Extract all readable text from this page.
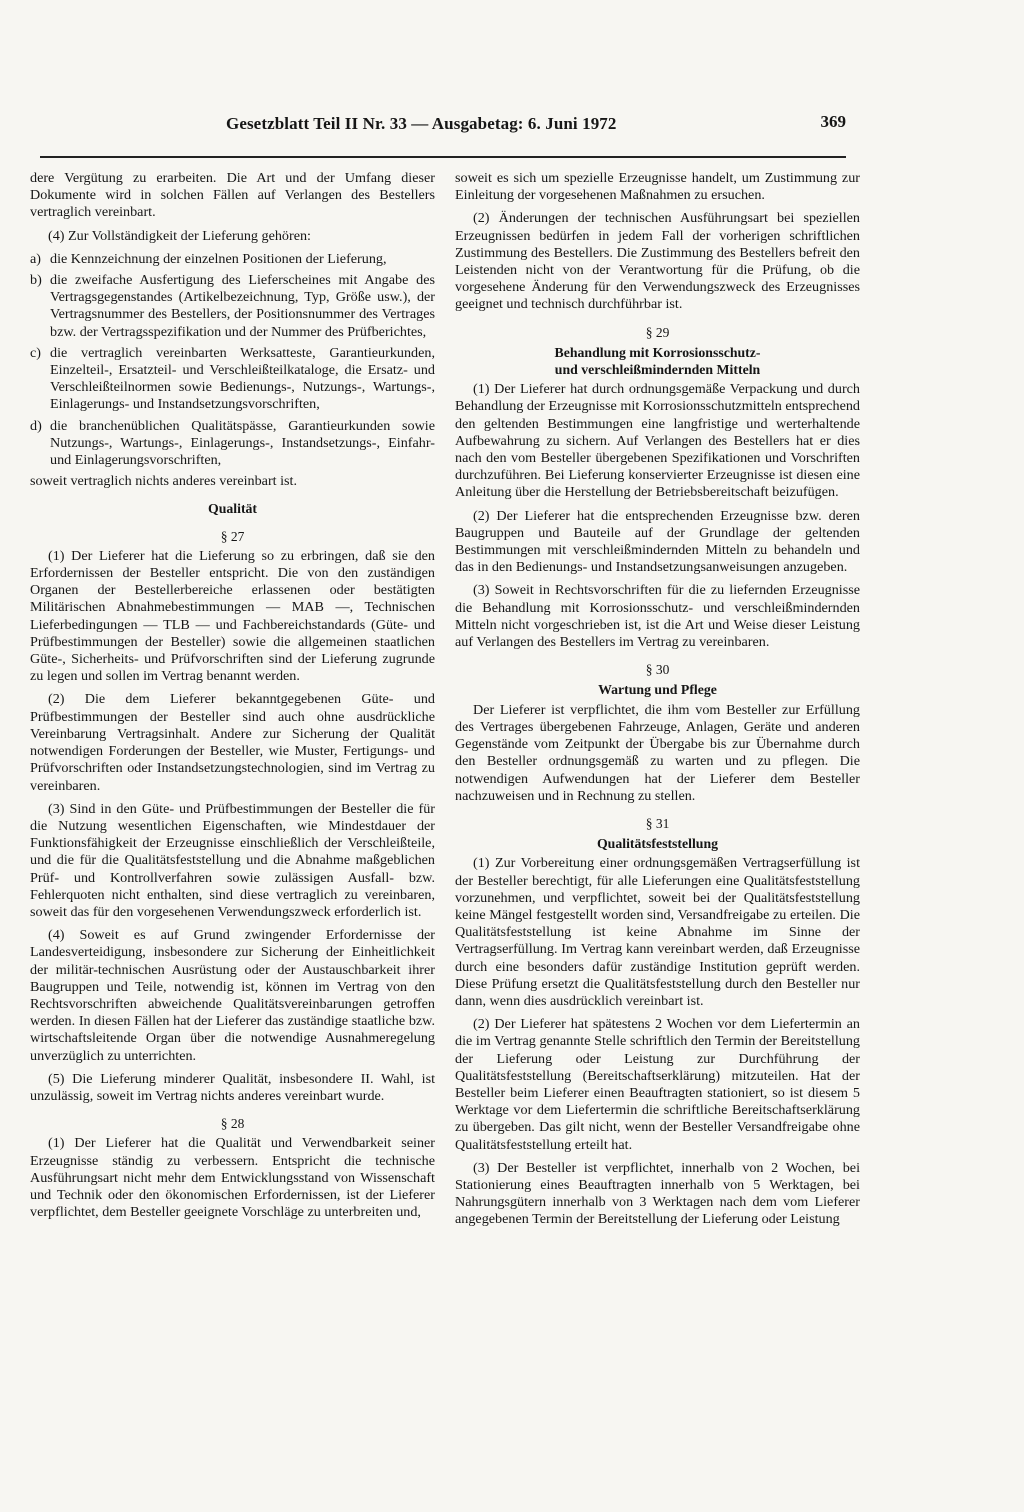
Gesetzblatt Teil II Nr. 33 — Ausgabetag: 6. Juni 1972	369

dere Vergütung zu erarbeiten. Die Art und der Umfang dieser Dokumente wird in solchen Fällen auf Verlangen des Bestellers vertraglich vereinbart.

(4) Zur Vollständigkeit der Lieferung gehören:

a) die Kennzeichnung der einzelnen Positionen der Lieferung,
b) die zweifache Ausfertigung des Lieferscheines mit Angabe des Vertragsgegenstandes (Artikelbezeichnung, Typ, Größe usw.), der Vertragsnummer des Bestellers, der Positionsnummer des Vertrages bzw. der Vertragsspezifikation und der Nummer des Prüfberichtes,
c) die vertraglich vereinbarten Werksatteste, Garantieurkunden, Einzelteil-, Ersatzteil- und Verschleißteilkataloge, die Ersatz- und Verschleißteilnormen sowie Bedienungs-, Nutzungs-, Wartungs-, Einlagerungs- und Instandsetzungsvorschriften,
d) die branchenüblichen Qualitätspässe, Garantieurkunden sowie Nutzungs-, Wartungs-, Einlagerungs-, Instandsetzungs-, Einfahr- und Einlagerungsvorschriften,

soweit vertraglich nichts anderes vereinbart ist.

Qualität
§ 27

(1) Der Lieferer hat die Lieferung so zu erbringen, daß sie den Erfordernissen der Besteller entspricht. Die von den zuständigen Organen der Bestellerbereiche erlassenen oder bestätigten Militärischen Abnahmebestimmungen — MAB —, Technischen Lieferbedingungen — TLB — und Fachbereichstandards (Güte- und Prüfbestimmungen der Besteller) sowie die allgemeinen staatlichen Güte-, Sicherheits- und Prüfvorschriften sind der Lieferung zugrunde zu legen und sollen im Vertrag benannt werden.

(2) Die dem Lieferer bekanntgegebenen Güte- und Prüfbestimmungen der Besteller sind auch ohne ausdrückliche Vereinbarung Vertragsinhalt. Andere zur Sicherung der Qualität notwendigen Forderungen der Besteller, wie Muster, Fertigungs- und Prüfvorschriften oder Instandsetzungstechnologien, sind im Vertrag zu vereinbaren.

(3) Sind in den Güte- und Prüfbestimmungen der Besteller die für die Nutzung wesentlichen Eigenschaften, wie Mindestdauer der Funktionsfähigkeit der Erzeugnisse einschließlich der Verschleißteile, und die für die Qualitätsfeststellung und die Abnahme maßgeblichen Prüf- und Kontrollverfahren sowie zulässigen Ausfall- bzw. Fehlerquoten nicht enthalten, sind diese vertraglich zu vereinbaren, soweit das für den vorgesehenen Verwendungszweck erforderlich ist.

(4) Soweit es auf Grund zwingender Erfordernisse der Landesverteidigung, insbesondere zur Sicherung der Einheitlichkeit der militär-technischen Ausrüstung oder der Austauschbarkeit ihrer Baugruppen und Teile, notwendig ist, können im Vertrag von den Rechtsvorschriften abweichende Qualitätsvereinbarungen getroffen werden. In diesen Fällen hat der Lieferer das zuständige staatliche bzw. wirtschaftsleitende Organ über die notwendige Ausnahmeregelung unverzüglich zu unterrichten.

(5) Die Lieferung minderer Qualität, insbesondere II. Wahl, ist unzulässig, soweit im Vertrag nichts anderes vereinbart wurde.

§ 28

(1) Der Lieferer hat die Qualität und Verwendbarkeit seiner Erzeugnisse ständig zu verbessern. Entspricht die technische Ausführungsart nicht mehr dem Entwicklungsstand von Wissenschaft und Technik oder den ökonomischen Erfordernissen, ist der Lieferer verpflichtet, dem Besteller geeignete Vorschläge zu unterbreiten und,

soweit es sich um spezielle Erzeugnisse handelt, um Zustimmung zur Einleitung der vorgesehenen Maßnahmen zu ersuchen.

(2) Änderungen der technischen Ausführungsart bei speziellen Erzeugnissen bedürfen in jedem Fall der vorherigen schriftlichen Zustimmung des Bestellers. Die Zustimmung des Bestellers befreit den Leistenden nicht von der Verantwortung für die Prüfung, ob die vorgesehene Änderung für den Verwendungszweck des Erzeugnisses geeignet und technisch durchführbar ist.

§ 29
Behandlung mit Korrosionsschutz-
und verschleißmindernden Mitteln

(1) Der Lieferer hat durch ordnungsgemäße Verpackung und durch Behandlung der Erzeugnisse mit Korrosionsschutzmitteln entsprechend den geltenden Bestimmungen eine langfristige und werterhaltende Aufbewahrung zu sichern. Auf Verlangen des Bestellers hat er dies nach den vom Besteller übergebenen Spezifikationen und Vorschriften durchzuführen. Bei Lieferung konservierter Erzeugnisse ist diesen eine Anleitung über die Herstellung der Betriebsbereitschaft beizufügen.

(2) Der Lieferer hat die entsprechenden Erzeugnisse bzw. deren Baugruppen und Bauteile auf der Grundlage der geltenden Bestimmungen mit verschleißmindernden Mitteln zu behandeln und das in den Bedienungs- und Instandsetzungsanweisungen anzugeben.

(3) Soweit in Rechtsvorschriften für die zu liefernden Erzeugnisse die Behandlung mit Korrosionsschutz- und verschleißmindernden Mitteln nicht vorgeschrieben ist, ist die Art und Weise dieser Leistung auf Verlangen des Bestellers im Vertrag zu vereinbaren.

§ 30
Wartung und Pflege

Der Lieferer ist verpflichtet, die ihm vom Besteller zur Erfüllung des Vertrages übergebenen Fahrzeuge, Anlagen, Geräte und anderen Gegenstände vom Zeitpunkt der Übergabe bis zur Übernahme durch den Besteller ordnungsgemäß zu warten und zu pflegen. Die notwendigen Aufwendungen hat der Lieferer dem Besteller nachzuweisen und in Rechnung zu stellen.

§ 31
Qualitätsfeststellung

(1) Zur Vorbereitung einer ordnungsgemäßen Vertragserfüllung ist der Besteller berechtigt, für alle Lieferungen eine Qualitätsfeststellung vorzunehmen, und verpflichtet, soweit bei der Qualitätsfeststellung keine Mängel festgestellt worden sind, Versandfreigabe zu erteilen. Die Qualitätsfeststellung ist keine Abnahme im Sinne der Vertragserfüllung. Im Vertrag kann vereinbart werden, daß Erzeugnisse durch eine besonders dafür zuständige Institution geprüft werden. Diese Prüfung ersetzt die Qualitätsfeststellung durch den Besteller nur dann, wenn dies ausdrücklich vereinbart ist.

(2) Der Lieferer hat spätestens 2 Wochen vor dem Liefertermin an die im Vertrag genannte Stelle schriftlich den Termin der Bereitstellung der Lieferung oder Leistung zur Durchführung der Qualitätsfeststellung (Bereitschaftserklärung) mitzuteilen. Hat der Besteller beim Lieferer einen Beauftragten stationiert, so ist diesem 5 Werktage vor dem Liefertermin die schriftliche Bereitschaftserklärung zu übergeben. Das gilt nicht, wenn der Besteller Versandfreigabe ohne Qualitätsfeststellung erteilt hat.

(3) Der Besteller ist verpflichtet, innerhalb von 2 Wochen, bei Stationierung eines Beauftragten innerhalb von 5 Werktagen, bei Nahrungsgütern innerhalb von 3 Werktagen nach dem vom Lieferer angegebenen Termin der Bereitstellung der Lieferung oder Leistung
